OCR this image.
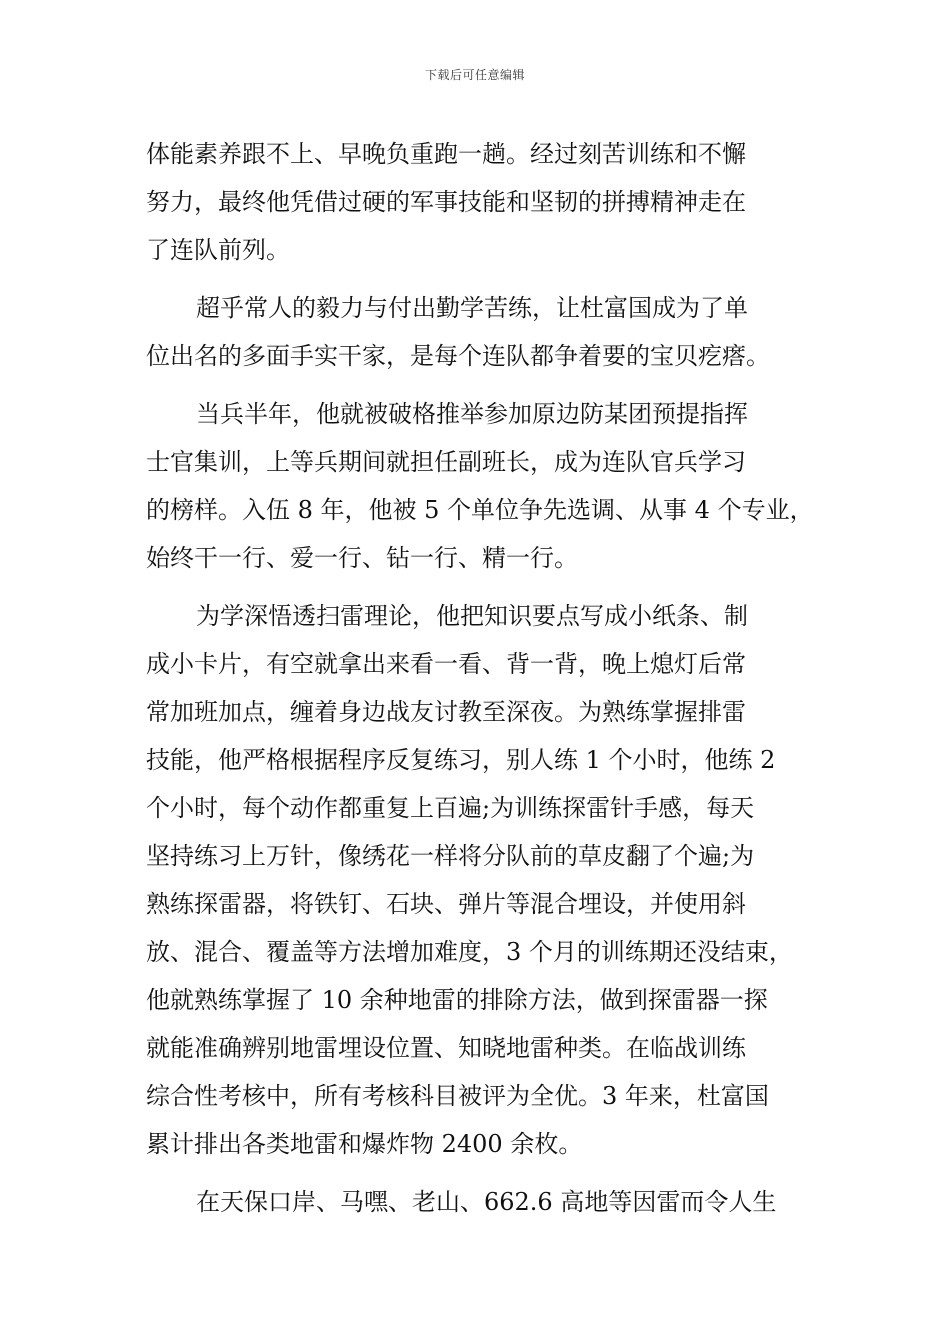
下载后可任意编辑
体能素养跟不上、早晚负重跑一趟。经过刻苦训练和不懈
努力，最终他凭借过硬的军事技能和坚韧的拼搏精神走在
了连队前列。
超乎常人的毅力与付出勤学苦练，让杜富国成为了单
位出名的多面手实干家，是每个连队都争着要的宝贝疙瘩。
当兵半年，他就被破格推举参加原边防某团预提指挥
士官集训，上等兵期间就担任副班长，成为连队官兵学习
的榜样。入伍 8 年，他被 5 个单位争先选调、从事 4 个专业，
始终干一行、爱一行、钻一行、精一行。
为学深悟透扫雷理论，他把知识要点写成小纸条、制
成小卡片，有空就拿出来看一看、背一背，晚上熄灯后常
常加班加点，缠着身边战友讨教至深夜。为熟练掌握排雷
技能，他严格根据程序反复练习，别人练 1 个小时，他练 2
个小时，每个动作都重复上百遍;为训练探雷针手感，每天
坚持练习上万针，像绣花一样将分队前的草皮翻了个遍;为
熟练探雷器，将铁钉、石块、弹片等混合埋设，并使用斜
放、混合、覆盖等方法增加难度，3 个月的训练期还没结束，
他就熟练掌握了 10 余种地雷的排除方法，做到探雷器一探
就能准确辨别地雷埋设位置、知晓地雷种类。在临战训练
综合性考核中，所有考核科目被评为全优。3 年来，杜富国
累计排出各类地雷和爆炸物 2400 余枚。
在天保口岸、马嘿、老山、662.6 高地等因雷而令人生
